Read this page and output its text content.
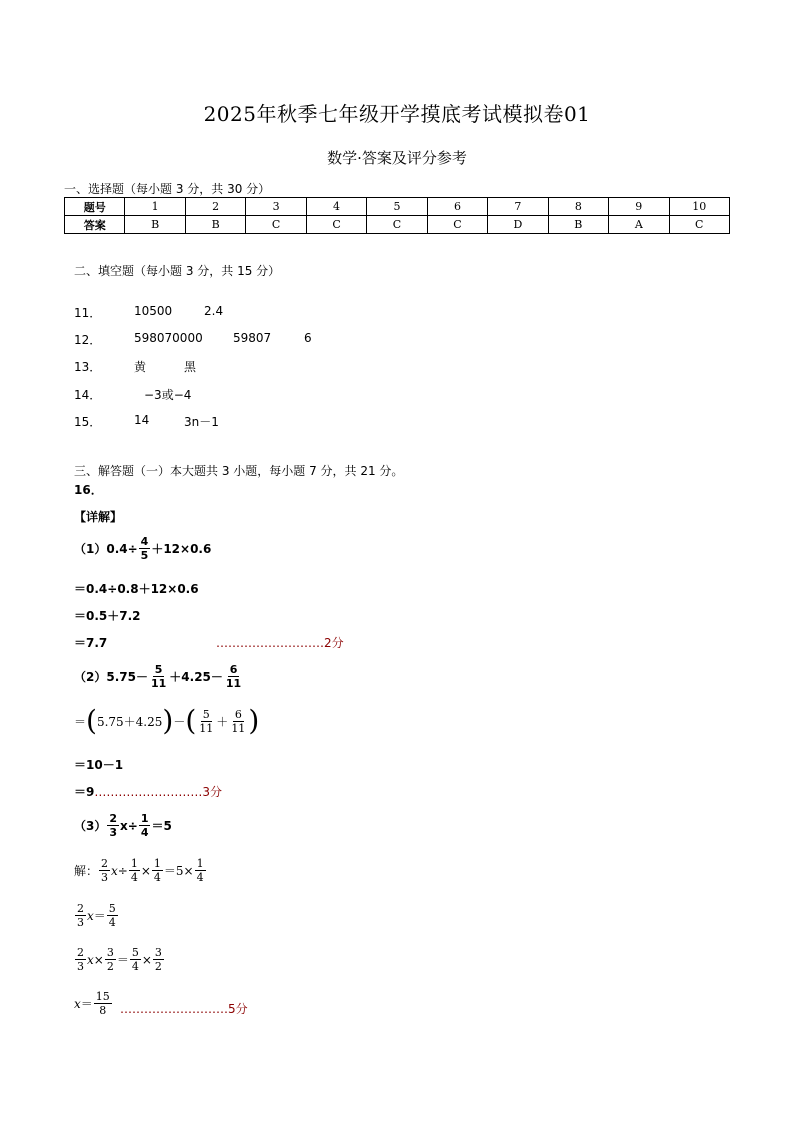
2025年秋季七年级开学摸底考试模拟卷01
数学·答案及评分参考
一、选择题（每小题 3 分，共 30 分）
题号	1	2	3	4	5	6	7	8	9	10
答案	B	B	C	C	C	C	D	B	A	C
二、填空题（每小题 3 分，共 15 分）
11．	10500	2.4
12．	598070000	59807	6
13．	黄	黑
14．	−3或−4
15．	14	3n－1
三、解答题（一）本大题共 3 小题，每小题 7 分，共 21 分。
16．
【详解】
$(1)0.4\div \frac{4}{5} +12\times 0.6$
＝0.4÷0.8＋12×0.6
＝0.5＋7.2
＝7.7	……………………… 2分
$(2)5.75- \frac{5}{11} +4.25- \frac{6}{11}$
＝ ( 5.75＋4.25 ) － ( $\frac{5}{11} + \frac{6}{11}$ )
＝10－1
＝9 ……………………… 3分
$(3) \frac{2}{3} x\div \frac{1}{4} =5$
解： $\frac{2}{3} x\div \frac{1}{4} \times \frac{1}{4} =5\times \frac{1}{4}$
$\frac{2}{3}$ $x = \frac{5}{4}$
$\frac{2}{3}$ $x \times \frac{3}{2} = \frac{5}{4} \times \frac{3}{2}$
$x = \frac{15}{8}$ ……………………… 5分
